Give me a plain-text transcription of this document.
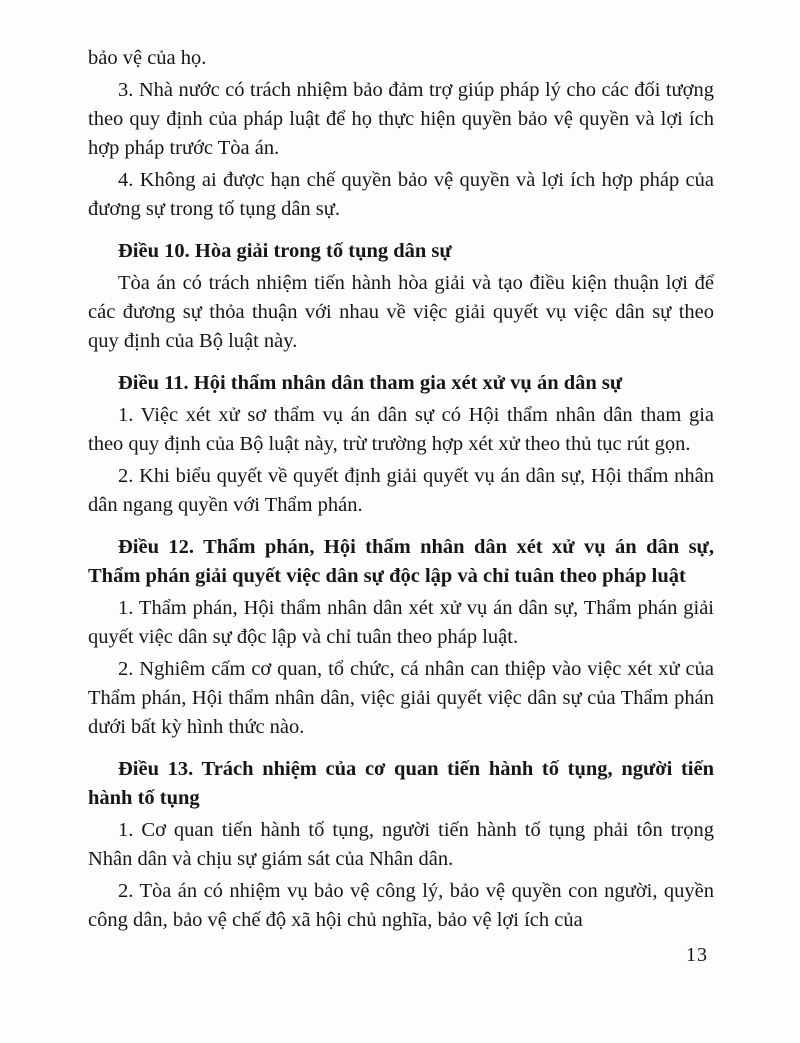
bảo vệ của họ.

3. Nhà nước có trách nhiệm bảo đảm trợ giúp pháp lý cho các đối tượng theo quy định của pháp luật để họ thực hiện quyền bảo vệ quyền và lợi ích hợp pháp trước Tòa án.

4. Không ai được hạn chế quyền bảo vệ quyền và lợi ích hợp pháp của đương sự trong tố tụng dân sự.

Điều 10. Hòa giải trong tố tụng dân sự

Tòa án có trách nhiệm tiến hành hòa giải và tạo điều kiện thuận lợi để các đương sự thỏa thuận với nhau về việc giải quyết vụ việc dân sự theo quy định của Bộ luật này.

Điều 11. Hội thẩm nhân dân tham gia xét xử vụ án dân sự

1. Việc xét xử sơ thẩm vụ án dân sự có Hội thẩm nhân dân tham gia theo quy định của Bộ luật này, trừ trường hợp xét xử theo thủ tục rút gọn.

2. Khi biểu quyết về quyết định giải quyết vụ án dân sự, Hội thẩm nhân dân ngang quyền với Thẩm phán.

Điều 12. Thẩm phán, Hội thẩm nhân dân xét xử vụ án dân sự, Thẩm phán giải quyết việc dân sự độc lập và chỉ tuân theo pháp luật

1. Thẩm phán, Hội thẩm nhân dân xét xử vụ án dân sự, Thẩm phán giải quyết việc dân sự độc lập và chỉ tuân theo pháp luật.

2. Nghiêm cấm cơ quan, tổ chức, cá nhân can thiệp vào việc xét xử của Thẩm phán, Hội thẩm nhân dân, việc giải quyết việc dân sự của Thẩm phán dưới bất kỳ hình thức nào.

Điều 13. Trách nhiệm của cơ quan tiến hành tố tụng, người tiến hành tố tụng

1. Cơ quan tiến hành tố tụng, người tiến hành tố tụng phải tôn trọng Nhân dân và chịu sự giám sát của Nhân dân.

2. Tòa án có nhiệm vụ bảo vệ công lý, bảo vệ quyền con người, quyền công dân, bảo vệ chế độ xã hội chủ nghĩa, bảo vệ lợi ích của

13
